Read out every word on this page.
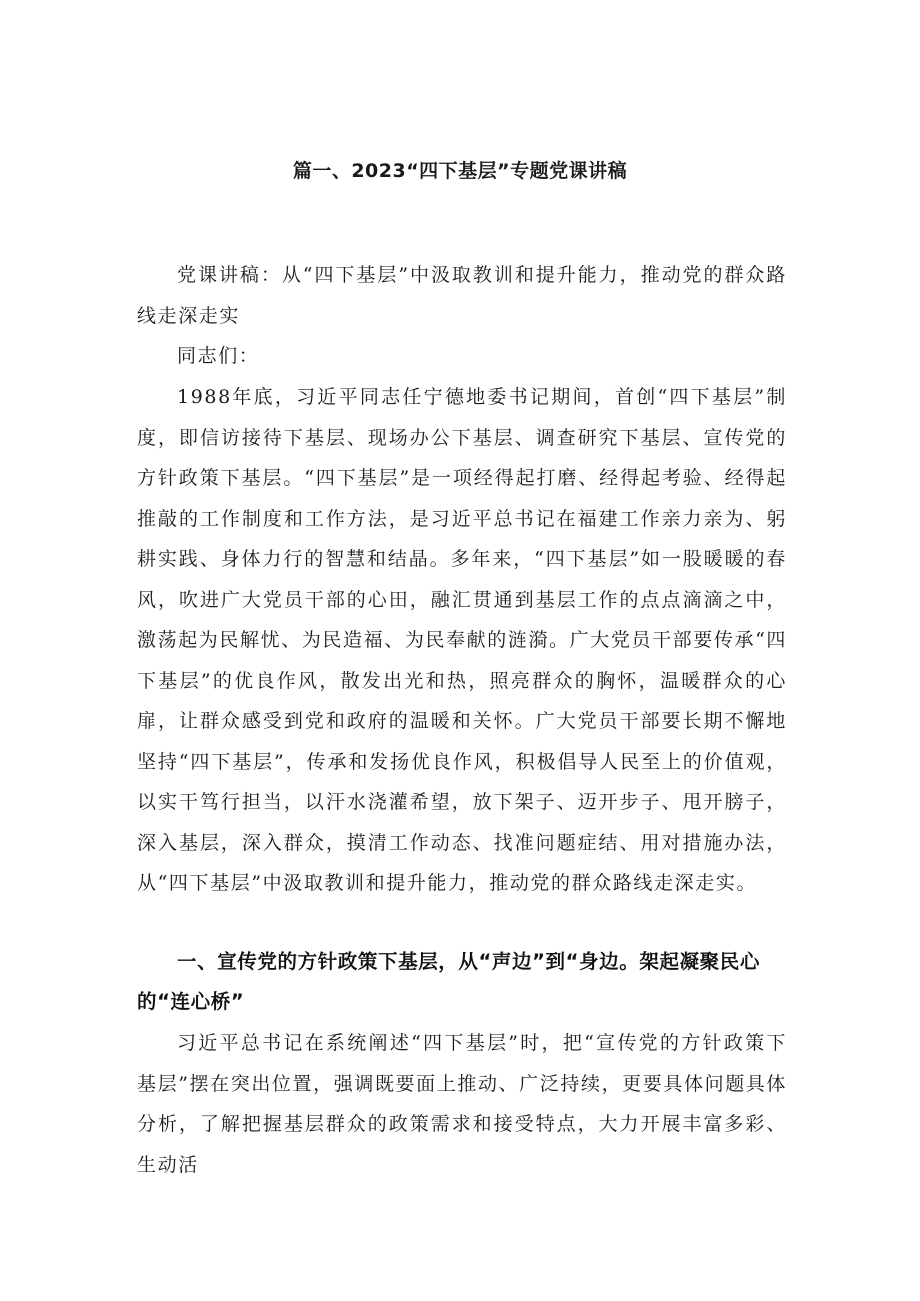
篇一、2023“四下基层”专题党课讲稿

党课讲稿：从“四下基层”中汲取教训和提升能力，推动党的群众路线走深走实

同志们：

1988年底，习近平同志任宁德地委书记期间，首创“四下基层”制度，即信访接待下基层、现场办公下基层、调查研究下基层、宣传党的方针政策下基层。“四下基层”是一项经得起打磨、经得起考验、经得起推敲的工作制度和工作方法，是习近平总书记在福建工作亲力亲为、躬耕实践、身体力行的智慧和结晶。多年来，“四下基层”如一股暖暖的春风，吹进广大党员干部的心田，融汇贯通到基层工作的点点滴滴之中，激荡起为民解忧、为民造福、为民奉献的涟漪。广大党员干部要传承“四下基层”的优良作风，散发出光和热，照亮群众的胸怀，温暖群众的心扉，让群众感受到党和政府的温暖和关怀。广大党员干部要长期不懈地坚持“四下基层”，传承和发扬优良作风，积极倡导人民至上的价值观，以实干笃行担当，以汗水浇灌希望，放下架子、迈开步子、甩开膀子，深入基层，深入群众，摸清工作动态、找准问题症结、用对措施办法，从“四下基层”中汲取教训和提升能力，推动党的群众路线走深走实。

一、宣传党的方针政策下基层，从“声边”到“身边。架起凝聚民心的“连心桥”

习近平总书记在系统阐述“四下基层”时，把“宣传党的方针政策下基层”摆在突出位置，强调既要面上推动、广泛持续，更要具体问题具体分析，了解把握基层群众的政策需求和接受特点，大力开展丰富多彩、生动活
